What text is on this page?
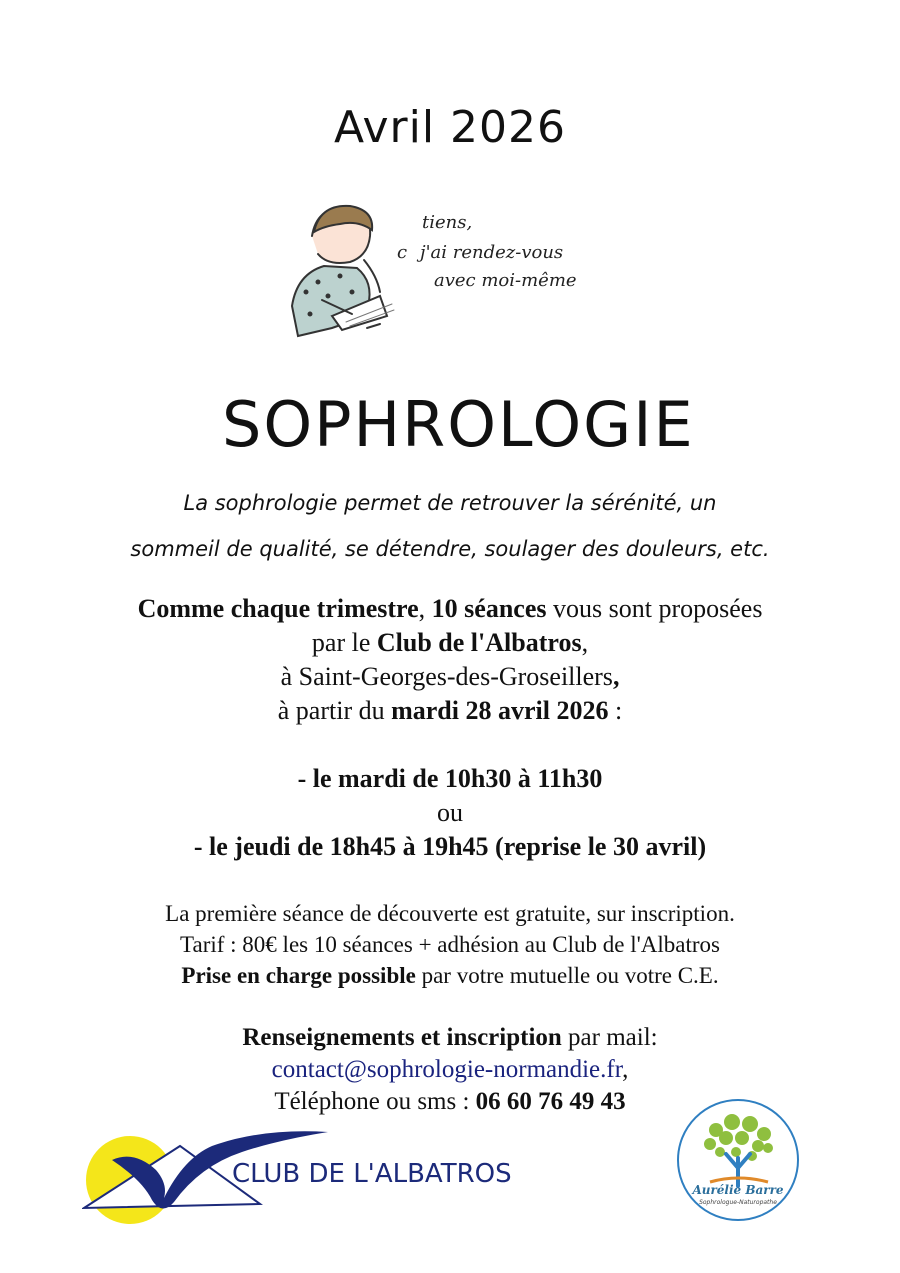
Avril 2026
tiens,
c j'ai rendez-vous
avec moi-même
SOPHROLOGIE
La sophrologie permet de retrouver la sérénité, un
sommeil de qualité, se détendre, soulager des douleurs, etc.
Comme chaque trimestre, 10 séances vous sont proposées
par le Club de l'Albatros,
à Saint-Georges-des-Groseillers,
à partir du mardi 28 avril 2026 :
- le mardi de 10h30 à 11h30
ou
- le jeudi de 18h45 à 19h45 (reprise le 30 avril)
La première séance de découverte est gratuite, sur inscription.
Tarif : 80€ les 10 séances + adhésion au Club de l'Albatros
Prise en charge possible par votre mutuelle ou votre C.E.
Renseignements et inscription par mail:
contact@sophrologie-normandie.fr,
Téléphone ou sms : 06 60 76 49 43
CLUB DE L'ALBATROS
Aurélie Barre
Sophrologue-Naturopathe
